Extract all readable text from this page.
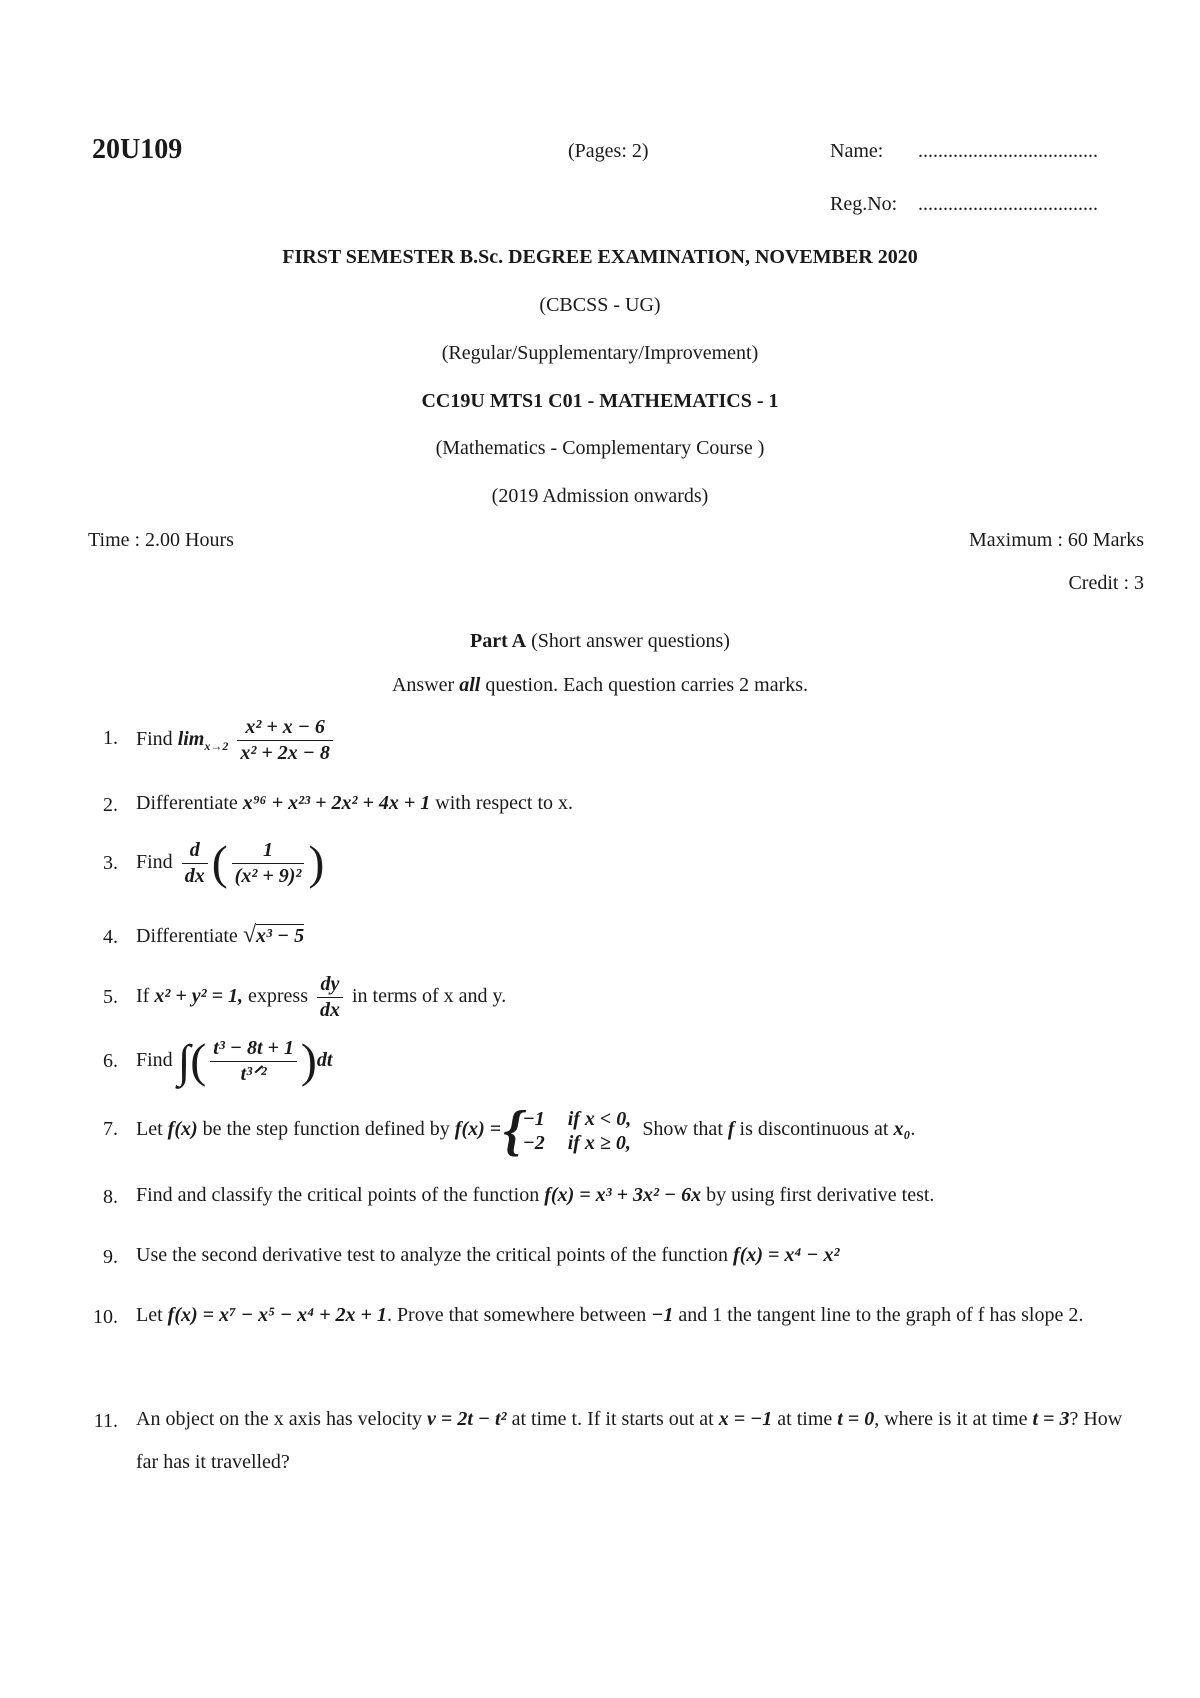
20U109	(Pages: 2)	Name: ....................................
Reg.No: ....................................
FIRST SEMESTER B.Sc. DEGREE EXAMINATION, NOVEMBER 2020
(CBCSS - UG)
(Regular/Supplementary/Improvement)
CC19U MTS1 C01 - MATHEMATICS - 1
(Mathematics - Complementary Course )
(2019 Admission onwards)
Time : 2.00 Hours	Maximum : 60 Marks
Credit : 3
Part A (Short answer questions)
Answer all question. Each question carries 2 marks.
1. Find $\lim_{x\to 2} \frac{\text{x² + x − 6}}{\text{x² + 2x − 8}}$
2. Differentiate x⁹⁶ + x²³ + 2x² + 4x + 1 with respect to x.
3. Find $\frac{d}{dx}$ ( $\frac{1}{\text{(x² + 9)²}}$ )
4. Differentiate √x³ − 5
5. If x² + y² = 1, express $\frac{dy}{dx}$ in terms of x and y.
6. Find ∫( $\frac{\text{t³ − 8t + 1}}{\text{t³ᐟ²}} )dt$
7. Let f(x) be the step function defined by f(x) ={ −1 if x < 0,
−2 if x ≥ 0,
Show that f is discontinuous at x₀.
8. Find and classify the critical points of the function f(x) = x³ + 3x² − 6x by using first derivative test.
9. Use the second derivative test to analyze the critical points of the function f(x) = x⁴ − x²
10. Let f(x) = x⁷ − x⁵ − x⁴ + 2x + 1. Prove that somewhere between −1 and 1 the tangent line to the graph of f has slope 2.
11. An object on the x axis has velocity v = 2t − t² at time t. If it starts out at x = −1 at time t = 0, where is it at time t = 3? How far has it travelled?
